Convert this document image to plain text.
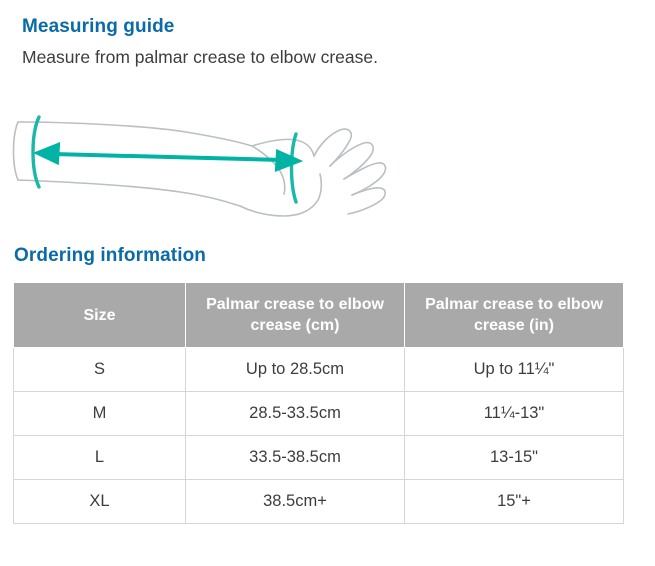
Measuring guide
Measure from palmar crease to elbow crease.
Ordering information
Size	Palmar crease to elbow crease (cm)	Palmar crease to elbow crease (in)
S	Up to 28.5cm	Up to 11¼"
M	28.5-33.5cm	11¼-13"
L	33.5-38.5cm	13-15"
XL	38.5cm+	15"+
